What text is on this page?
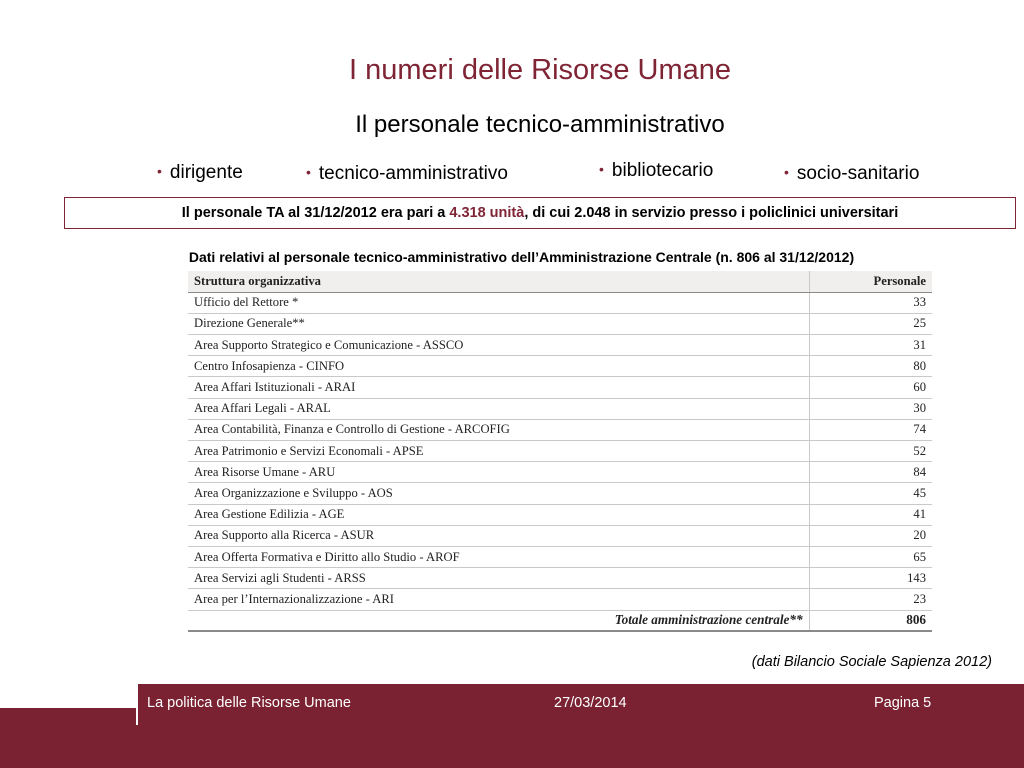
I numeri delle Risorse Umane
Il personale tecnico-amministrativo
• dirigente	• tecnico-amministrativo	• bibliotecario	• socio-sanitario
Il personale TA al 31/12/2012 era pari a 4.318 unità, di cui 2.048 in servizio presso i policlinici universitari
Dati relativi al personale tecnico-amministrativo dell’Amministrazione Centrale (n. 806 al 31/12/2012)
Struttura organizzativa	Personale
Ufficio del Rettore *	33
Direzione Generale**	25
Area Supporto Strategico e Comunicazione - ASSCO	31
Centro Infosapienza - CINFO	80
Area Affari Istituzionali - ARAI	60
Area Affari Legali - ARAL	30
Area Contabilità, Finanza e Controllo di Gestione - ARCOFIG	74
Area Patrimonio e Servizi Economali - APSE	52
Area Risorse Umane - ARU	84
Area Organizzazione e Sviluppo - AOS	45
Area Gestione Edilizia - AGE	41
Area Supporto alla Ricerca - ASUR	20
Area Offerta Formativa e Diritto allo Studio - AROF	65
Area Servizi agli Studenti - ARSS	143
Area per l’Internazionalizzazione - ARI	23
Totale amministrazione centrale**	806
(dati Bilancio Sociale Sapienza 2012)
La politica delle Risorse Umane	27/03/2014	Pagina 5
